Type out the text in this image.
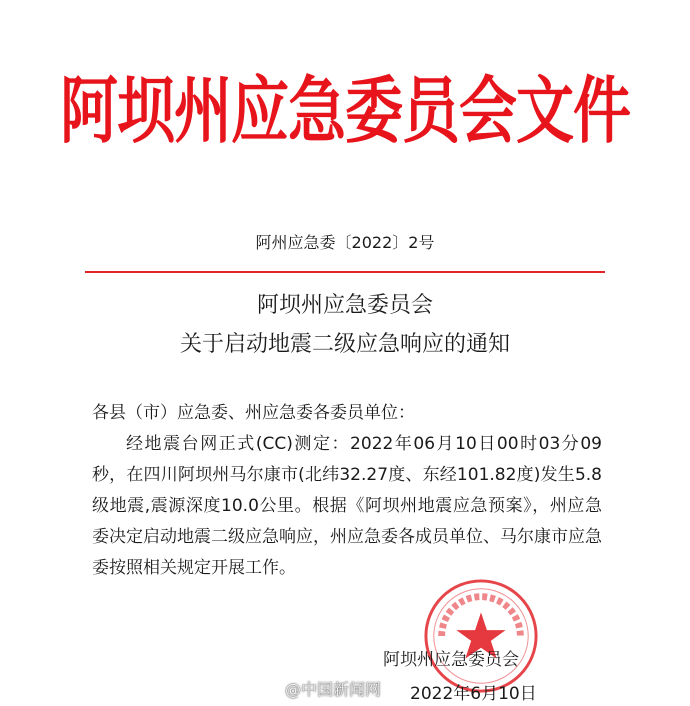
阿坝州应急委员会文件
阿州应急委〔2022〕2号
阿坝州应急委员会
关于启动地震二级应急响应的通知

各县（市）应急委、州应急委各委员单位：

经地震台网正式(CC)测定：2022年06月10日00时03分09秒，在四川阿坝州马尔康市(北纬32.27度、东经101.82度)发生5.8级地震,震源深度10.0公里。根据《阿坝州地震应急预案》，州应急委决定启动地震二级应急响应，州应急委各成员单位、马尔康市应急委按照相关规定开展工作。

阿坝州应急委员会
2022年6月10日
@中国新闻网
